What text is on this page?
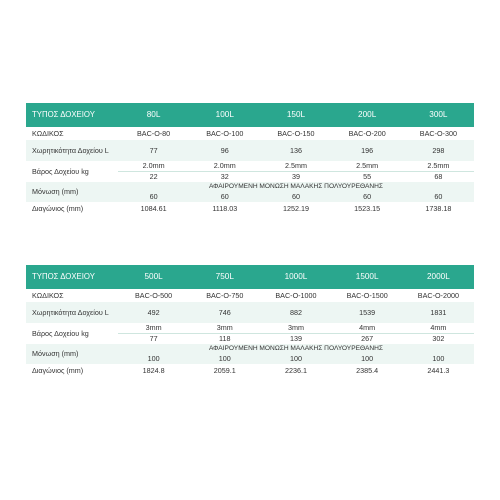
ΤΥΠΟΣ ΔΟΧΕΙΟΥ	80L	100L	150L	200L	300L
ΚΩΔΙΚΟΣ	BAC-O-80	BAC-O-100	BAC-O-150	BAC-O-200	BAC-O-300
Χωρητικότητα Δοχείου L	77	96	136	196	298
Βάρος Δοχείου kg	2.0mm	2.0mm	2.5mm	2.5mm	2.5mm
	22	32	39	55	68
Μόνωση (mm)	ΑΦΑΙΡΟΥΜΕΝΗ ΜΟΝΩΣΗ ΜΑΛΑΚΗΣ ΠΟΛΥΟΥΡΕΘΑΝΗΣ				
	60	60	60	60	60
Διαγώνιος (mm)	1084.61	1118.03	1252.19	1523.15	1738.18
ΤΥΠΟΣ ΔΟΧΕΙΟΥ	500L	750L	1000L	1500L	2000L
ΚΩΔΙΚΟΣ	BAC-O-500	BAC-O-750	BAC-O-1000	BAC-O-1500	BAC-O-2000
Χωρητικότητα Δοχείου L	492	746	882	1539	1831
Βάρος Δοχείου kg	3mm	3mm	3mm	4mm	4mm
	77	118	139	267	302
Μόνωση (mm)	ΑΦΑΙΡΟΥΜΕΝΗ ΜΟΝΩΣΗ ΜΑΛΑΚΗΣ ΠΟΛΥΟΥΡΕΘΑΝΗΣ				
	100	100	100	100	100
Διαγώνιος (mm)	1824.8	2059.1	2236.1	2385.4	2441.3
